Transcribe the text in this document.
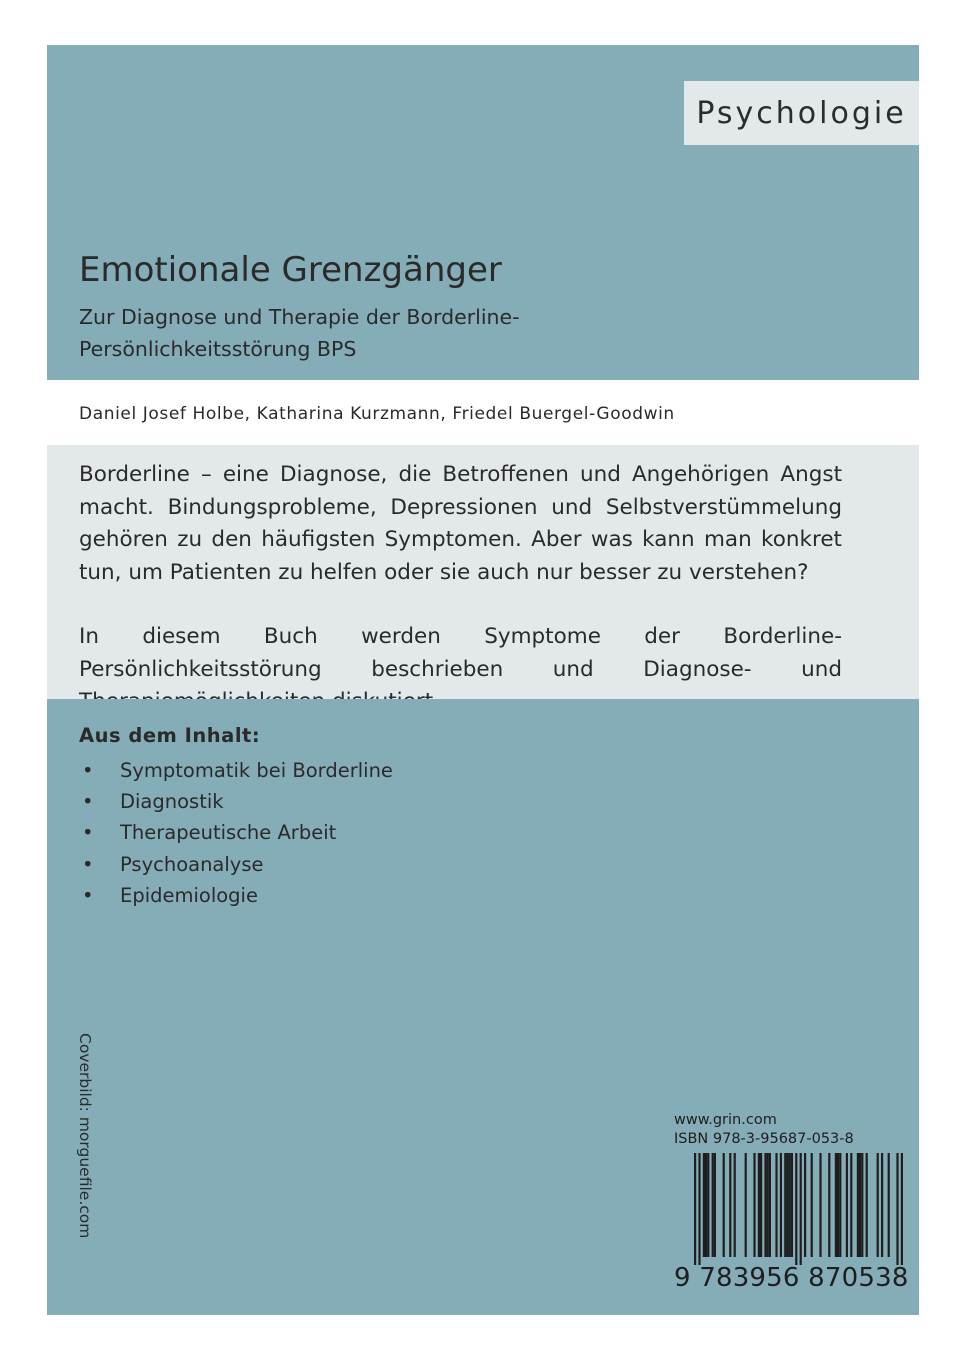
Psychologie
Emotionale Grenzgänger

Zur Diagnose und Therapie der Borderline-Persönlichkeitsstörung BPS

Daniel Josef Holbe, Katharina Kurzmann, Friedel Buergel-Goodwin

Borderline – eine Diagnose, die Betroffenen und Angehörigen Angst macht. Bindungsprobleme, Depressionen und Selbstverstümmelung gehören zu den häufigsten Symptomen. Aber was kann man konkret tun, um Patienten zu helfen oder sie auch nur besser zu verstehen?

In diesem Buch werden Symptome der Borderline-Persönlichkeitsstörung beschrieben und Diagnose- und

Aus dem Inhalt:
• Symptomatik bei Borderline
• Diagnostik
• Therapeutische Arbeit
• Psychoanalyse
• Epidemiologie
Coverbild: morguefile.com	www.grin.com
ISBN 978-3-95687-053-8
9 783956 870538
